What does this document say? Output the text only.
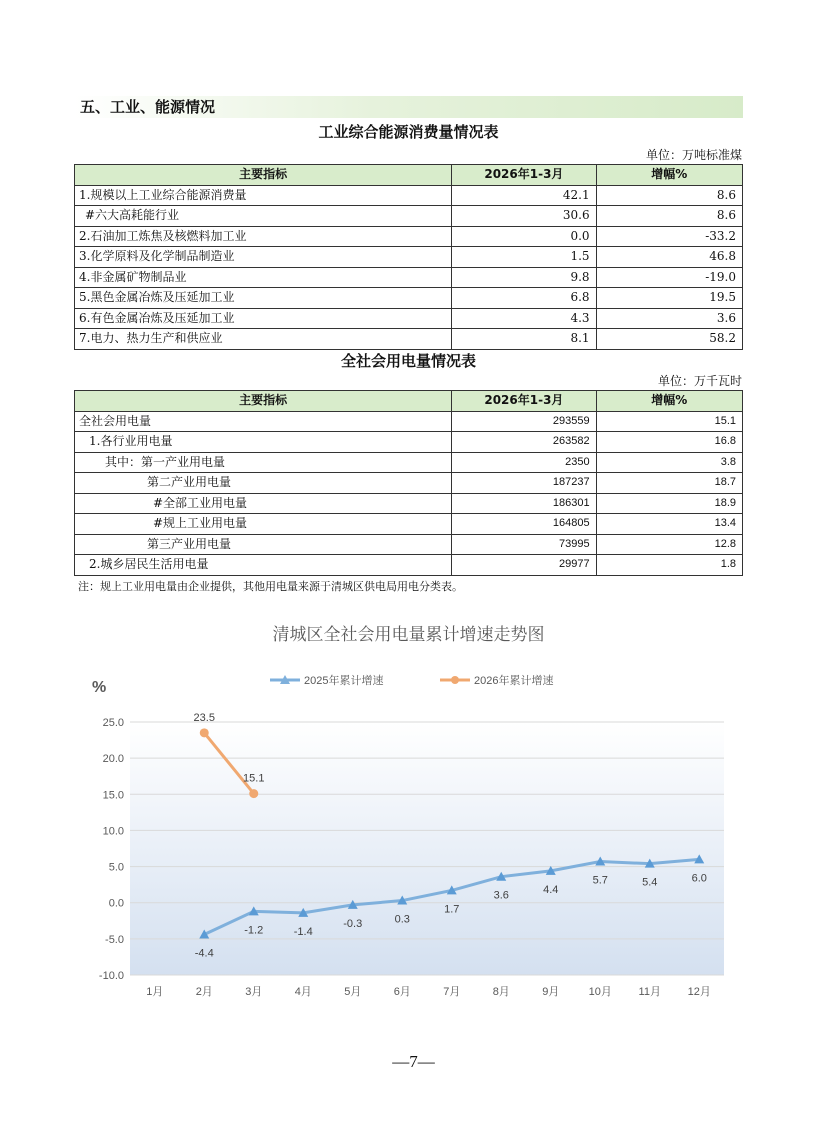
五、工业、能源情况
工业综合能源消费量情况表
单位：万吨标准煤
主要指标	2026年1-3月	增幅%
1.规模以上工业综合能源消费量	42.1	8.6
#六大高耗能行业	30.6	8.6
2.石油加工炼焦及核燃料加工业	0.0	-33.2
3.化学原料及化学制品制造业	1.5	46.8
4.非金属矿物制品业	9.8	-19.0
5.黑色金属冶炼及压延加工业	6.8	19.5
6.有色金属冶炼及压延加工业	4.3	3.6
7.电力、热力生产和供应业	8.1	58.2
全社会用电量情况表
单位：万千瓦时
主要指标	2026年1-3月	增幅%
全社会用电量	293559	15.1
1.各行业用电量	263582	16.8
其中：第一产业用电量	2350	3.8
第二产业用电量	187237	18.7
#全部工业用电量	186301	18.9
#规上工业用电量	164805	13.4
第三产业用电量	73995	12.8
2.城乡居民生活用电量	29977	1.8
注：规上工业用电量由企业提供，其他用电量来源于清城区供电局用电分类表。
清城区全社会用电量累计增速走势图
-10.0
-5.0
0.0
5.0
10.0
15.0
20.0
25.0
%
1月	2月	3月	4月	5月	6月	7月	8月	9月	10月 11月 12月
2025年累计增速	2026年累计增速
-4.4
-1.2	-1.4
-0.3	0.3
1.7
3.6	4.4
5.7	5.4	6.0
23.5
15.1
—7—
